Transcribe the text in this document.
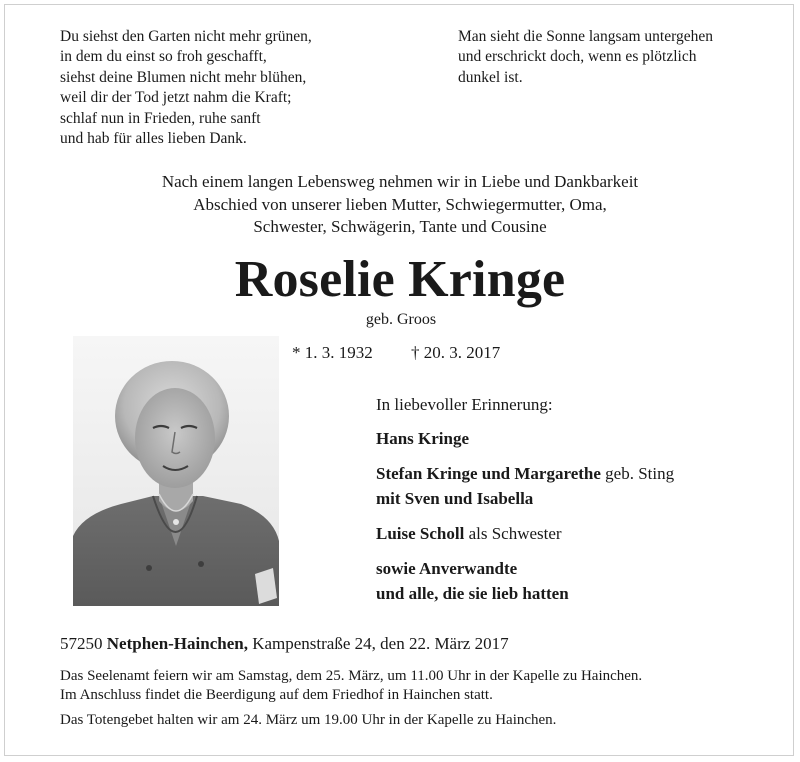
Du siehst den Garten nicht mehr grünen,
in dem du einst so froh geschafft,
siehst deine Blumen nicht mehr blühen,
weil dir der Tod jetzt nahm die Kraft;
schlaf nun in Frieden, ruhe sanft
und hab für alles lieben Dank.
Man sieht die Sonne langsam untergehen
und erschrickt doch, wenn es plötzlich
dunkel ist.
Nach einem langen Lebensweg nehmen wir in Liebe und Dankbarkeit
Abschied von unserer lieben Mutter, Schwiegermutter, Oma,
Schwester, Schwägerin, Tante und Cousine
Roselie Kringe
geb. Groos
* 1. 3. 1932 † 20. 3. 2017
In liebevoller Erinnerung:
Hans Kringe
Stefan Kringe und Margarethe geb. Sting
mit Sven und Isabella
Luise Scholl als Schwester
sowie Anverwandte
und alle, die sie lieb hatten
57250 Netphen-Hainchen, Kampenstraße 24, den 22. März 2017
Das Seelenamt feiern wir am Samstag, dem 25. März, um 11.00 Uhr in der Kapelle zu Hainchen.
Im Anschluss findet die Beerdigung auf dem Friedhof in Hainchen statt.
Das Totengebet halten wir am 24. März um 19.00 Uhr in der Kapelle zu Hainchen.
